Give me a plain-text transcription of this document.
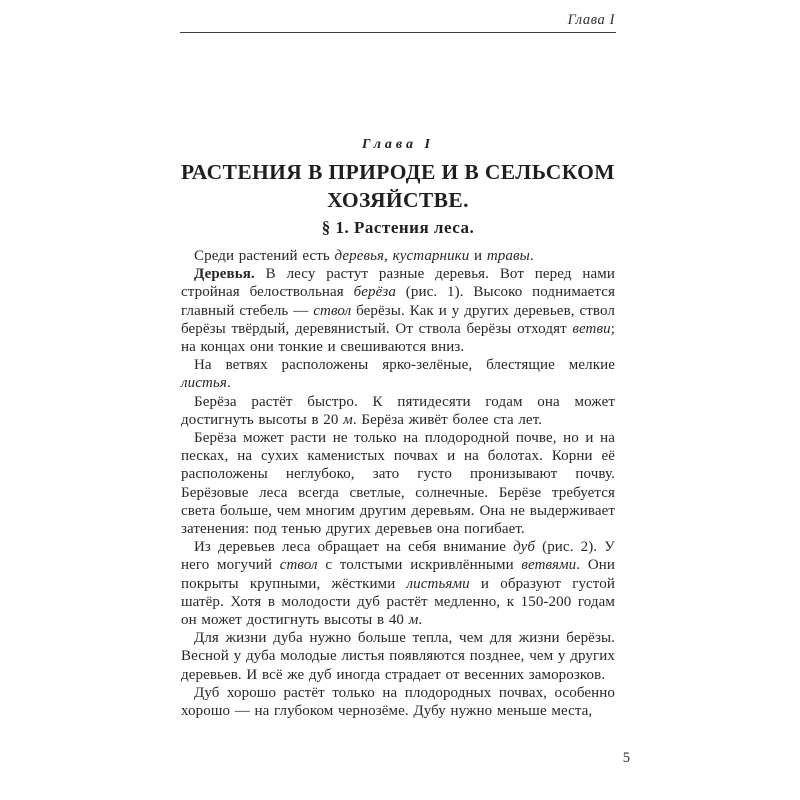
Глава I
Глава I
РАСТЕНИЯ В ПРИРОДЕ И В СЕЛЬСКОМ
ХОЗЯЙСТВЕ.
§ 1. Растения леса.

Среди растений есть деревья, кустарники и травы.

Деревья. В лесу растут разные деревья. Вот перед нами стройная белоствольная берёза (рис. 1). Высоко поднимается главный стебель — ствол берёзы. Как и у других деревьев, ствол берёзы твёрдый, деревянистый. От ствола берёзы отходят ветви; на концах они тонкие и свешиваются вниз.

На ветвях расположены ярко-зелёные, блестящие мелкие листья.

Берёза растёт быстро. К пятидесяти годам она может достигнуть высоты в 20 м. Берёза живёт более ста лет.

Берёза может расти не только на плодородной почве, но и на песках, на сухих каменистых почвах и на болотах. Корни её расположены неглубоко, зато густо пронизывают почву. Берёзовые леса всегда светлые, солнечные. Берёзе требуется света больше, чем многим другим деревьям. Она не выдерживает затенения: под тенью других деревьев она погибает.

Из деревьев леса обращает на себя внимание дуб (рис. 2). У него могучий ствол с толстыми искривлёнными ветвями. Они покрыты крупными, жёсткими листьями и образуют густой шатёр. Хотя в молодости дуб растёт медленно, к 150-200 годам он может достигнуть высоты в 40 м.

Для жизни дуба нужно больше тепла, чем для жизни берёзы. Весной у дуба молодые листья появляются позднее, чем у других деревьев. И всё же дуб иногда страдает от весенних заморозков.

Дуб хорошо растёт только на плодородных почвах, особенно хорошо — на глубоком чернозёме. Дубу нужно меньше места,

5
